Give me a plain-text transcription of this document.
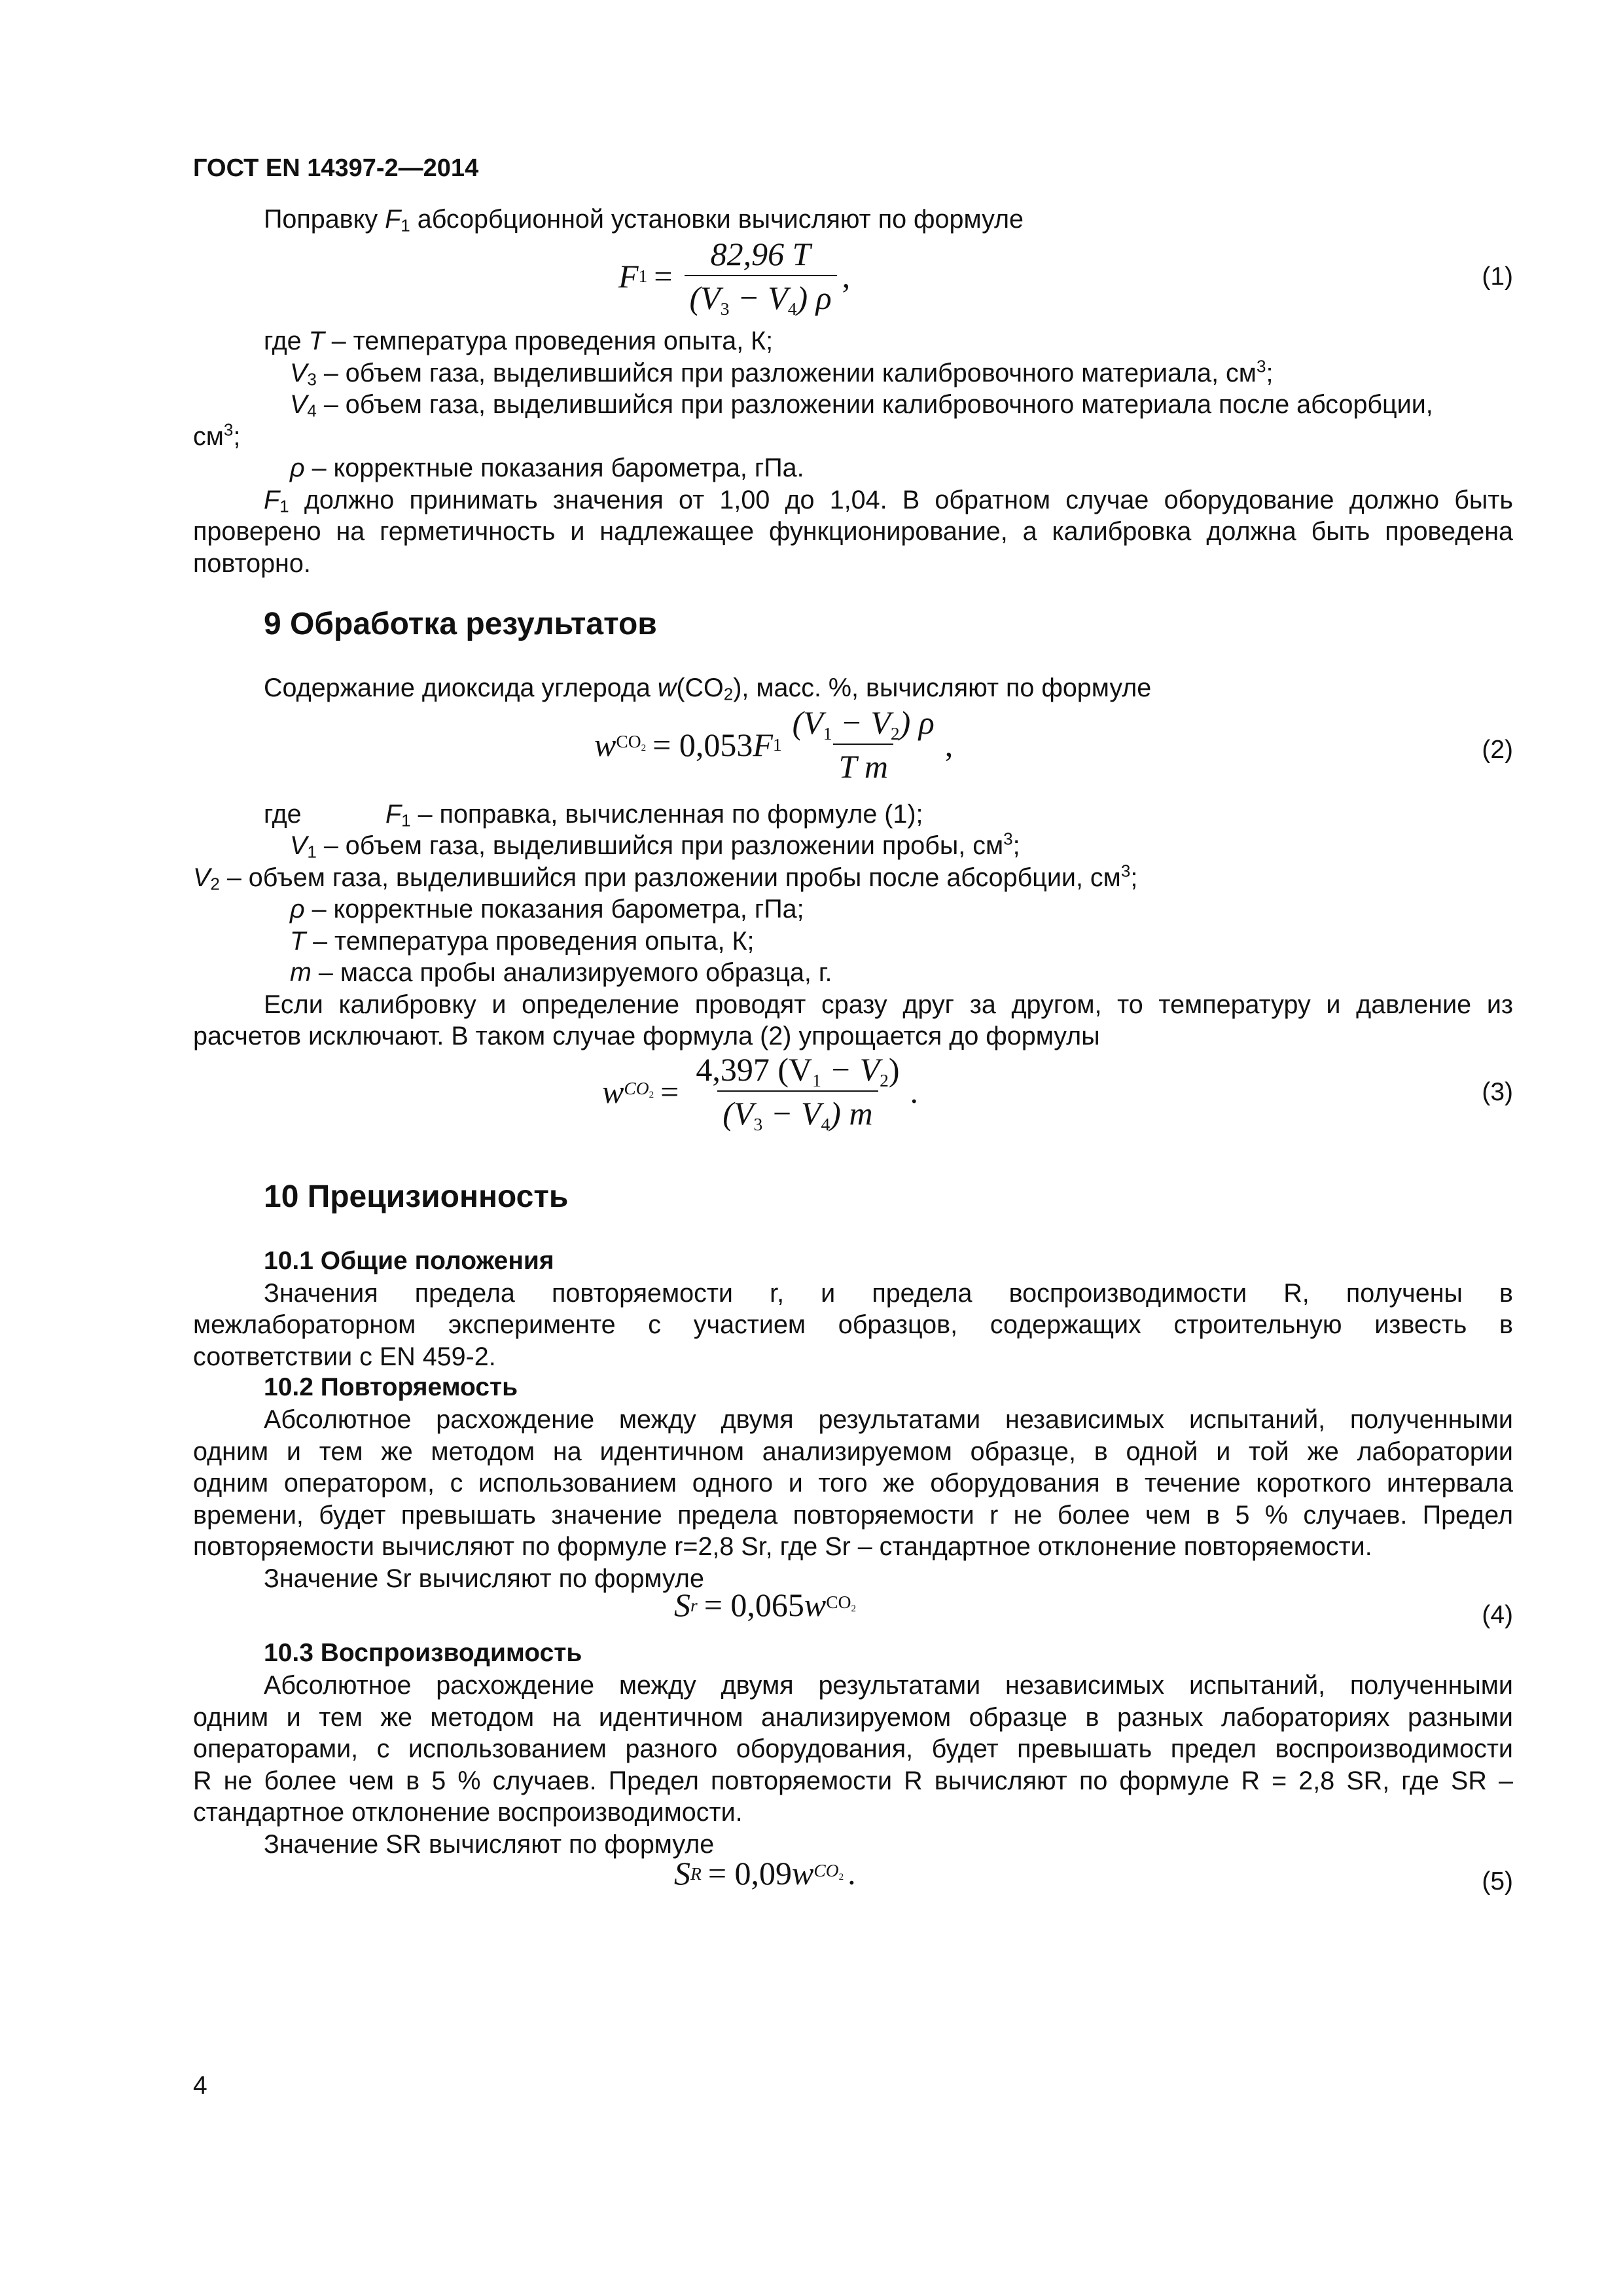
ГОСТ EN 14397-2—2014
Поправку $F_1$ абсорбционной установки вычисляют по формуле
F $1 = \frac{82,96 T}{(V_3 - V_4) \rho}$ ,	(1)
где T – температура проведения опыта, К;
$V_3$ – объем газа, выделившийся при разложении калибровочного материала, $см^3$;
$V_4$ – объем газа, выделившийся при разложении калибровочного материала после абсорбции,
$см^3$;
ρ – корректные показания барометра, гПа.
$F_1$ должно принимать значения от 1,00 до 1,04. В обратном случае оборудование должно быть
проверено на герметичность и надлежащее функционирование, а калибровка должна быть проведена
повторно.
9 Обработка результатов
Содержание диоксида углерода $w(CO_2)$, масс. %, вычисляют по формуле
w $CO_2 = 0,053$ F $1 \frac{(V_1 - V_2) \rho}{\text{T m}}$ ,	(2)
где	$F_1$ – поправка, вычисленная по формуле (1);
$V_1$ – объем газа, выделившийся при разложении пробы, $см^3$;
$V_2$ – объем газа, выделившийся при разложении пробы после абсорбции, $см^3$;
ρ – корректные показания барометра, гПа;
T – температура проведения опыта, К;
m – масса пробы анализируемого образца, г.
Если калибровку и определение проводят сразу друг за другом, то температуру и давление из
расчетов исключают. В таком случае формула (2) упрощается до формулы
w $CO_2 = \frac{4,397 (V_1 - V_2)}{(V_3 - V_4) m}$ .	(3)
10 Прецизионность
10.1 Общие положения
Значения предела повторяемости r, и предела воспроизводимости R, получены в
межлабораторном эксперименте с участием образцов, содержащих строительную известь в
соответствии с EN 459-2.
10.2 Повторяемость
Абсолютное расхождение между двумя результатами независимых испытаний, полученными
одним и тем же методом на идентичном анализируемом образце, в одной и той же лаборатории
одним оператором, с использованием одного и того же оборудования в течение короткого интервала
времени, будет превышать значение предела повторяемости r не более чем в 5 % случаев. Предел
повторяемости вычисляют по формуле r=2,8 Sr, где Sr – стандартное отклонение повторяемости.
Значение Sr вычисляют по формуле
S r = 0,065 w $CO_2$	(4)
10.3 Воспроизводимость
Абсолютное расхождение между двумя результатами независимых испытаний, полученными
одним и тем же методом на идентичном анализируемом образце в разных лабораториях разными
операторами, с использованием разного оборудования, будет превышать предел воспроизводимости
R не более чем в 5 % случаев. Предел повторяемости R вычисляют по формуле R = 2,8 SR, где SR –
стандартное отклонение воспроизводимости.
Значение SR вычисляют по формуле
S R = 0,09 w $CO_2$ .	(5)
4
